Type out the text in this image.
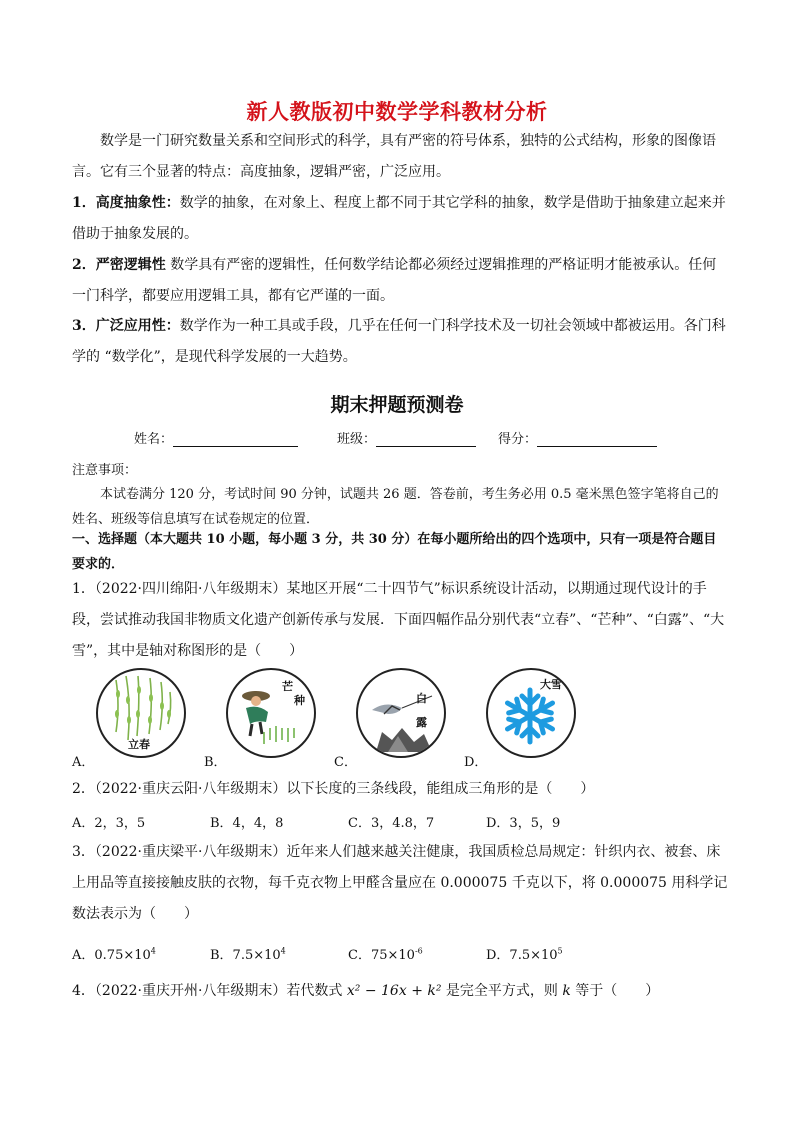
新人教版初中数学学科教材分析
数学是一门研究数量关系和空间形式的科学，具有严密的符号体系，独特的公式结构，形象的图像语言。它有三个显著的特点：高度抽象，逻辑严密，广泛应用。
1．高度抽象性：数学的抽象，在对象上、程度上都不同于其它学科的抽象，数学是借助于抽象建立起来并借助于抽象发展的。
2．严密逻辑性 数学具有严密的逻辑性，任何数学结论都必须经过逻辑推理的严格证明才能被承认。任何一门科学，都要应用逻辑工具，都有它严谨的一面。
3．广泛应用性：数学作为一种工具或手段，几乎在任何一门科学技术及一切社会领域中都被运用。各门科学的 “数学化”，是现代科学发展的一大趋势。
期末押题预测卷
姓名：	班级：	得分：
注意事项：
本试卷满分 120 分，考试时间 90 分钟，试题共 26 题．答卷前，考生务必用 0.5 毫米黑色签字笔将自己的姓名、班级等信息填写在试卷规定的位置．
一、选择题（本大题共 10 小题，每小题 3 分，共 30 分）在每小题所给出的四个选项中，只有一项是符合题目要求的．
1．（2022·四川绵阳·八年级期末）某地区开展“二十四节气”标识系统设计活动，以期通过现代设计的手段，尝试推动我国非物质文化遗产创新传承与发展．下面四幅作品分别代表“立春”、“芒种”、“白露”、“大雪”，其中是轴对称图形的是（　　）
立春
芒
种	白
露
大雪
A．	B．	C．	D．
2．（2022·重庆云阳·八年级期末）以下长度的三条线段，能组成三角形的是（　　）
A．2，3，5	B．4，4，8	C．3，4.8，7	D．3，5，9
3．（2022·重庆梁平·八年级期末）近年来人们越来越关注健康，我国质检总局规定：针织内衣、被套、床上用品等直接接触皮肤的衣物，每千克衣物上甲醛含量应在 0.000075 千克以下，将 0.000075 用科学记数法表示为（　　）
A．$0.75\times 10^4$	B．$7.5\times 10^4$	C．$75\times 10^{-6}$	D．$7.5\times 10^5$
4．（2022·重庆开州·八年级期末）若代数式 x² − 16x + k² 是完全平方式，则 k 等于（　　）
